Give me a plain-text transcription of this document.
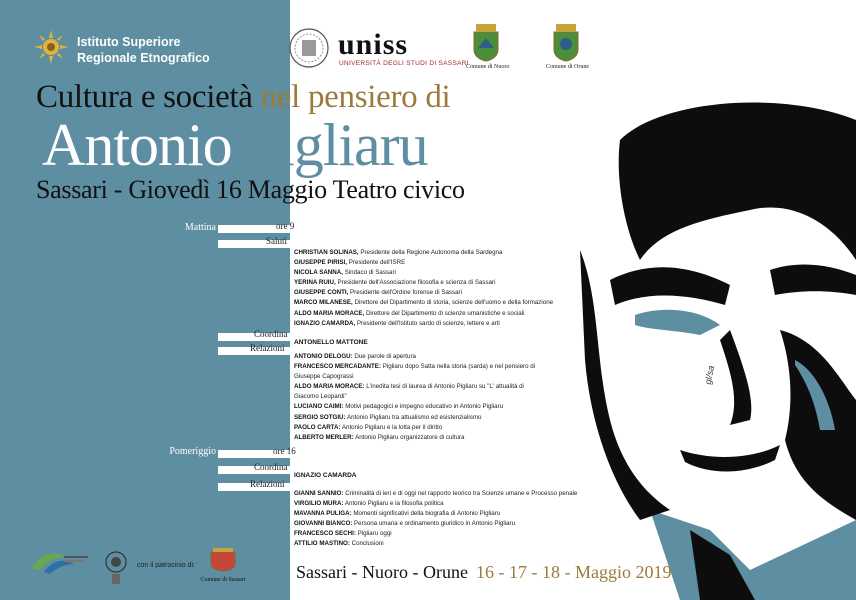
gl/sa
Istituto Superiore
Regionale Etnografico	uniss
UNIVERSITÀ DEGLI STUDI DI SASSARI
Comune di Nuoro	Comune di Orune
Cultura e società nel pensiero di
Antonio Pigliaru
Sassari - Giovedì 16 Maggio Teatro civico
Mattina	ore 9
Saluti
CHRISTIAN SOLINAS, Presidente della Regione Autonoma della Sardegna
GIUSEPPE PIRISI, Presidente dell'ISRE
NICOLA SANNA, Sindaco di Sassari
YERINA RUIU, Presidente dell'Associazione filosofia e scienza di Sassari
GIUSEPPE CONTI, Presidente dell'Ordine forense di Sassari
MARCO MILANESE, Direttore del Dipartimento di storia, scienze dell'uomo e della formazione
ALDO MARIA MORACE, Direttore del Dipartimento di scienze umanistiche e sociali
IGNAZIO CAMARDA, Presidente dell'Istituto sardo di scienze, lettere e arti
Coordina
ANTONELLO MATTONE
Relazioni
ANTONIO DELOGU: Due parole di apertura
FRANCESCO MERCADANTE: Pigliaru dopo Satta nella storia (sarda) e nel pensiero di
Giuseppe Capograssi
ALDO MARIA MORACE: L'inedita tesi di laurea di Antonio Pigliaru su "L' attualità di
Giacomo Leopardi"
LUCIANO CAIMI: Motivi pedagogici e impegno educativo in Antonio Pigliaru
SERGIO SOTGIU: Antonio Pigliaru tra attualismo ed esistenzialismo
PAOLO CARTA: Antonio Pigliaru e la lotta per il diritto
ALBERTO MERLER: Antonio Pigliaru organizzatore di cultura
Pomeriggio	ore 16
Coordina
IGNAZIO CAMARDA
Relazioni
GIANNI SANNIO: Criminalità di ieri e di oggi nel rapporto teorico tra Scienze umane e Processo penale
VIRGILIO MURA: Antonio Pigliaru e la filosofia politica
MAVANNA PULIGA: Momenti significativi della biografia di Antonio Pigliaru
GIOVANNI BIANCO: Persona umana e ordinamento giuridico in Antonio Pigliaru
FRANCESCO SECHI: Pigliaru oggi
ATTILIO MASTINO: Conclusioni
con il patrocinio di:
Comune di Sassari	Sassari - Nuoro - Orune 16 - 17 - 18 - Maggio 2019
